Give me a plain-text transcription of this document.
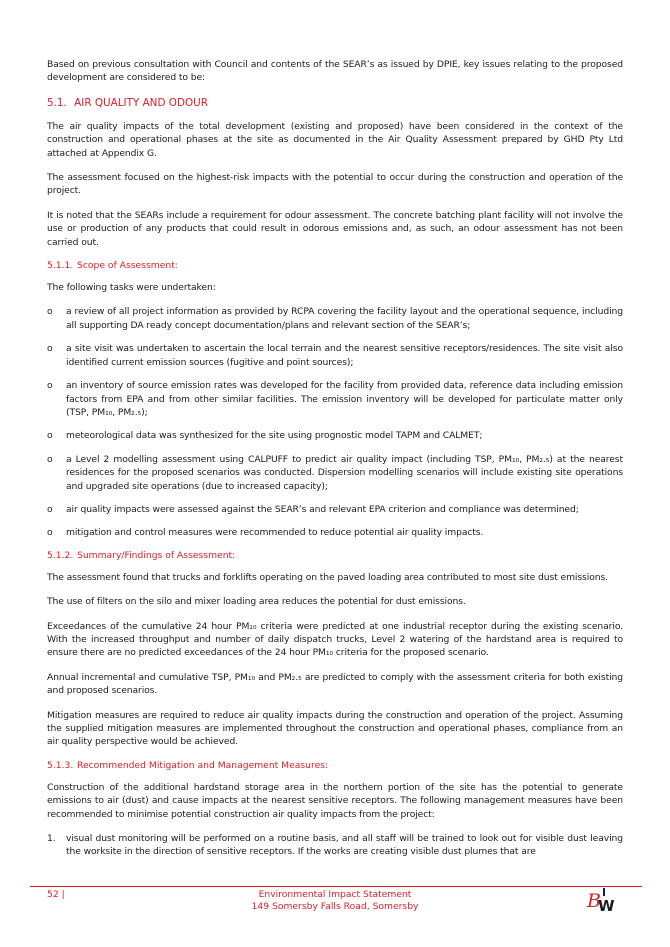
Based on previous consultation with Council and contents of the SEAR’s as issued by DPIE, key issues relating to the proposed development are considered to be:

5.1. AIR QUALITY AND ODOUR

The air quality impacts of the total development (existing and proposed) have been considered in the context of the construction and operational phases at the site as documented in the Air Quality Assessment prepared by GHD Pty Ltd attached at Appendix G.

The assessment focused on the highest-risk impacts with the potential to occur during the construction and operation of the project.

It is noted that the SEARs include a requirement for odour assessment. The concrete batching plant facility will not involve the use or production of any products that could result in odorous emissions and, as such, an odour assessment has not been carried out.

5.1.1. Scope of Assessment:

The following tasks were undertaken:

o a review of all project information as provided by RCPA covering the facility layout and the operational sequence, including all supporting DA ready concept documentation/plans and relevant section of the SEAR’s;
o a site visit was undertaken to ascertain the local terrain and the nearest sensitive receptors/residences. The site visit also identified current emission sources (fugitive and point sources);
o an inventory of source emission rates was developed for the facility from provided data, reference data including emission factors from EPA and from other similar facilities. The emission inventory will be developed for particulate matter only (TSP, PM₁₀, PM₂.₅);
o meteorological data was synthesized for the site using prognostic model TAPM and CALMET;
o a Level 2 modelling assessment using CALPUFF to predict air quality impact (including TSP, PM₁₀, PM₂.₅) at the nearest residences for the proposed scenarios was conducted. Dispersion modelling scenarios will include existing site operations and upgraded site operations (due to increased capacity);
o air quality impacts were assessed against the SEAR’s and relevant EPA criterion and compliance was determined;
o mitigation and control measures were recommended to reduce potential air quality impacts.
5.1.2. Summary/Findings of Assessment:

The assessment found that trucks and forklifts operating on the paved loading area contributed to most site dust emissions.

The use of filters on the silo and mixer loading area reduces the potential for dust emissions.

Exceedances of the cumulative 24 hour PM₁₀ criteria were predicted at one industrial receptor during the existing scenario. With the increased throughput and number of daily dispatch trucks, Level 2 watering of the hardstand area is required to ensure there are no predicted exceedances of the 24 hour PM₁₀ criteria for the proposed scenario.

Annual incremental and cumulative TSP, PM₁₀ and PM₂.₅ are predicted to comply with the assessment criteria for both existing and proposed scenarios.

Mitigation measures are required to reduce air quality impacts during the construction and operation of the project. Assuming the supplied mitigation measures are implemented throughout the construction and operational phases, compliance from an air quality perspective would be achieved.

5.1.3. Recommended Mitigation and Management Measures:

Construction of the additional hardstand storage area in the northern portion of the site has the potential to generate emissions to air (dust) and cause impacts at the nearest sensitive receptors. The following management measures have been recommended to minimise potential construction air quality impacts from the project:

1. visual dust monitoring will be performed on a routine basis, and all staff will be trained to look out for visible dust leaving the worksite in the direction of sensitive receptors. If the works are creating visible dust plumes that are
52 |	Environmental Impact Statement
149 Somersby Falls Road, Somersby	B
W
